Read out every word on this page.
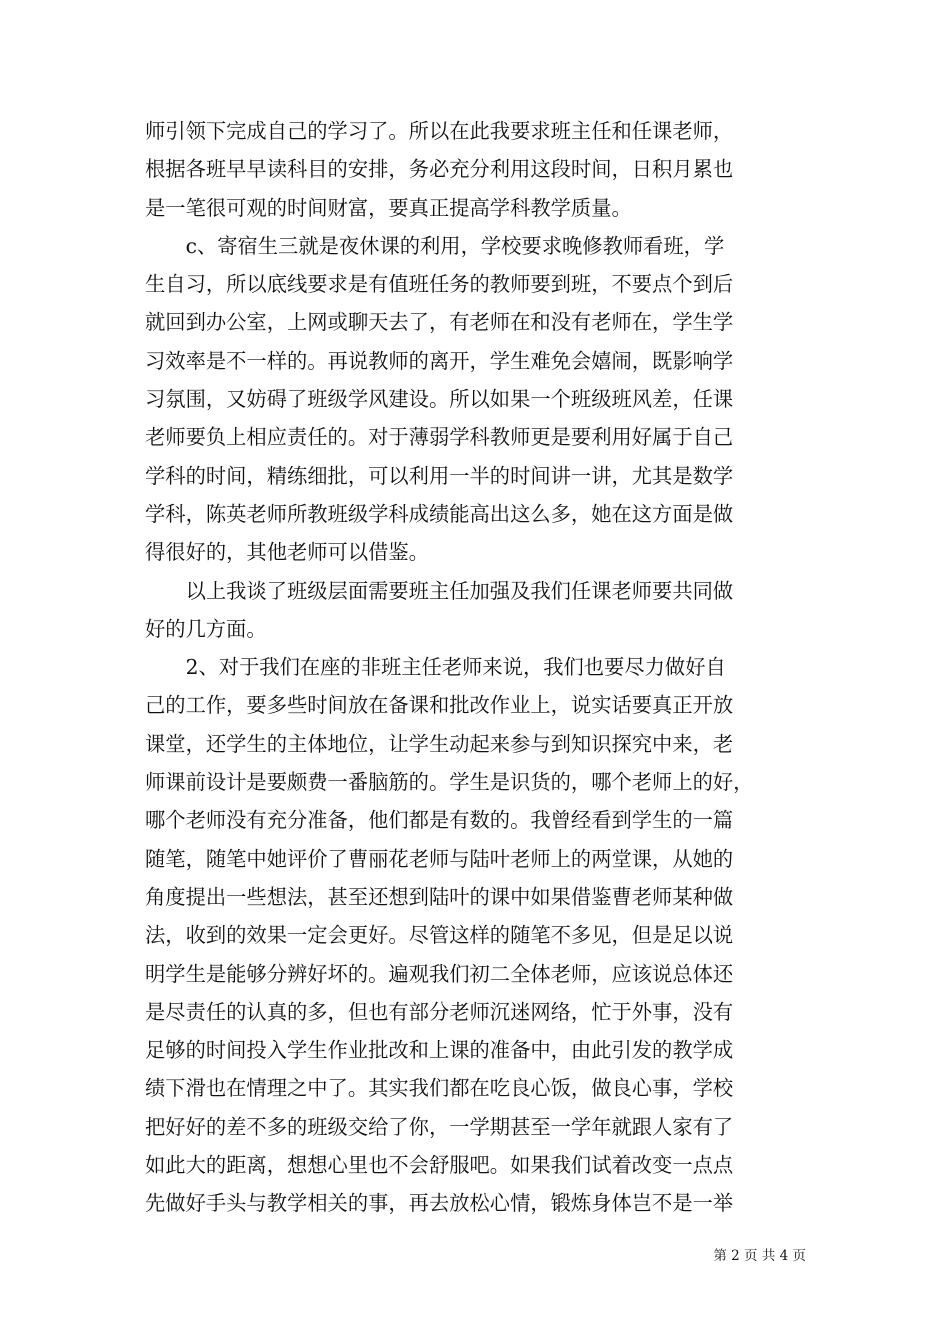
师引领下完成自己的学习了。所以在此我要求班主任和任课老师，
根据各班早早读科目的安排，务必充分利用这段时间，日积月累也
是一笔很可观的时间财富，要真正提高学科教学质量。
　　c、寄宿生三就是夜休课的利用，学校要求晚修教师看班，学
生自习，所以底线要求是有值班任务的教师要到班，不要点个到后
就回到办公室，上网或聊天去了，有老师在和没有老师在，学生学
习效率是不一样的。再说教师的离开，学生难免会嬉闹，既影响学
习氛围，又妨碍了班级学风建设。所以如果一个班级班风差，任课
老师要负上相应责任的。对于薄弱学科教师更是要利用好属于自己
学科的时间，精练细批，可以利用一半的时间讲一讲，尤其是数学
学科，陈英老师所教班级学科成绩能高出这么多，她在这方面是做
得很好的，其他老师可以借鉴。
　　以上我谈了班级层面需要班主任加强及我们任课老师要共同做
好的几方面。
　　2、对于我们在座的非班主任老师来说，我们也要尽力做好自
己的工作，要多些时间放在备课和批改作业上，说实话要真正开放
课堂，还学生的主体地位，让学生动起来参与到知识探究中来，老
师课前设计是要颇费一番脑筋的。学生是识货的，哪个老师上的好，
哪个老师没有充分准备，他们都是有数的。我曾经看到学生的一篇
随笔，随笔中她评价了曹丽花老师与陆叶老师上的两堂课，从她的
角度提出一些想法，甚至还想到陆叶的课中如果借鉴曹老师某种做
法，收到的效果一定会更好。尽管这样的随笔不多见，但是足以说
明学生是能够分辨好坏的。遍观我们初二全体老师，应该说总体还
是尽责任的认真的多，但也有部分老师沉迷网络，忙于外事，没有
足够的时间投入学生作业批改和上课的准备中，由此引发的教学成
绩下滑也在情理之中了。其实我们都在吃良心饭，做良心事，学校
把好好的差不多的班级交给了你，一学期甚至一学年就跟人家有了
如此大的距离，想想心里也不会舒服吧。如果我们试着改变一点点
先做好手头与教学相关的事，再去放松心情，锻炼身体岂不是一举
第 2 页 共 4 页
